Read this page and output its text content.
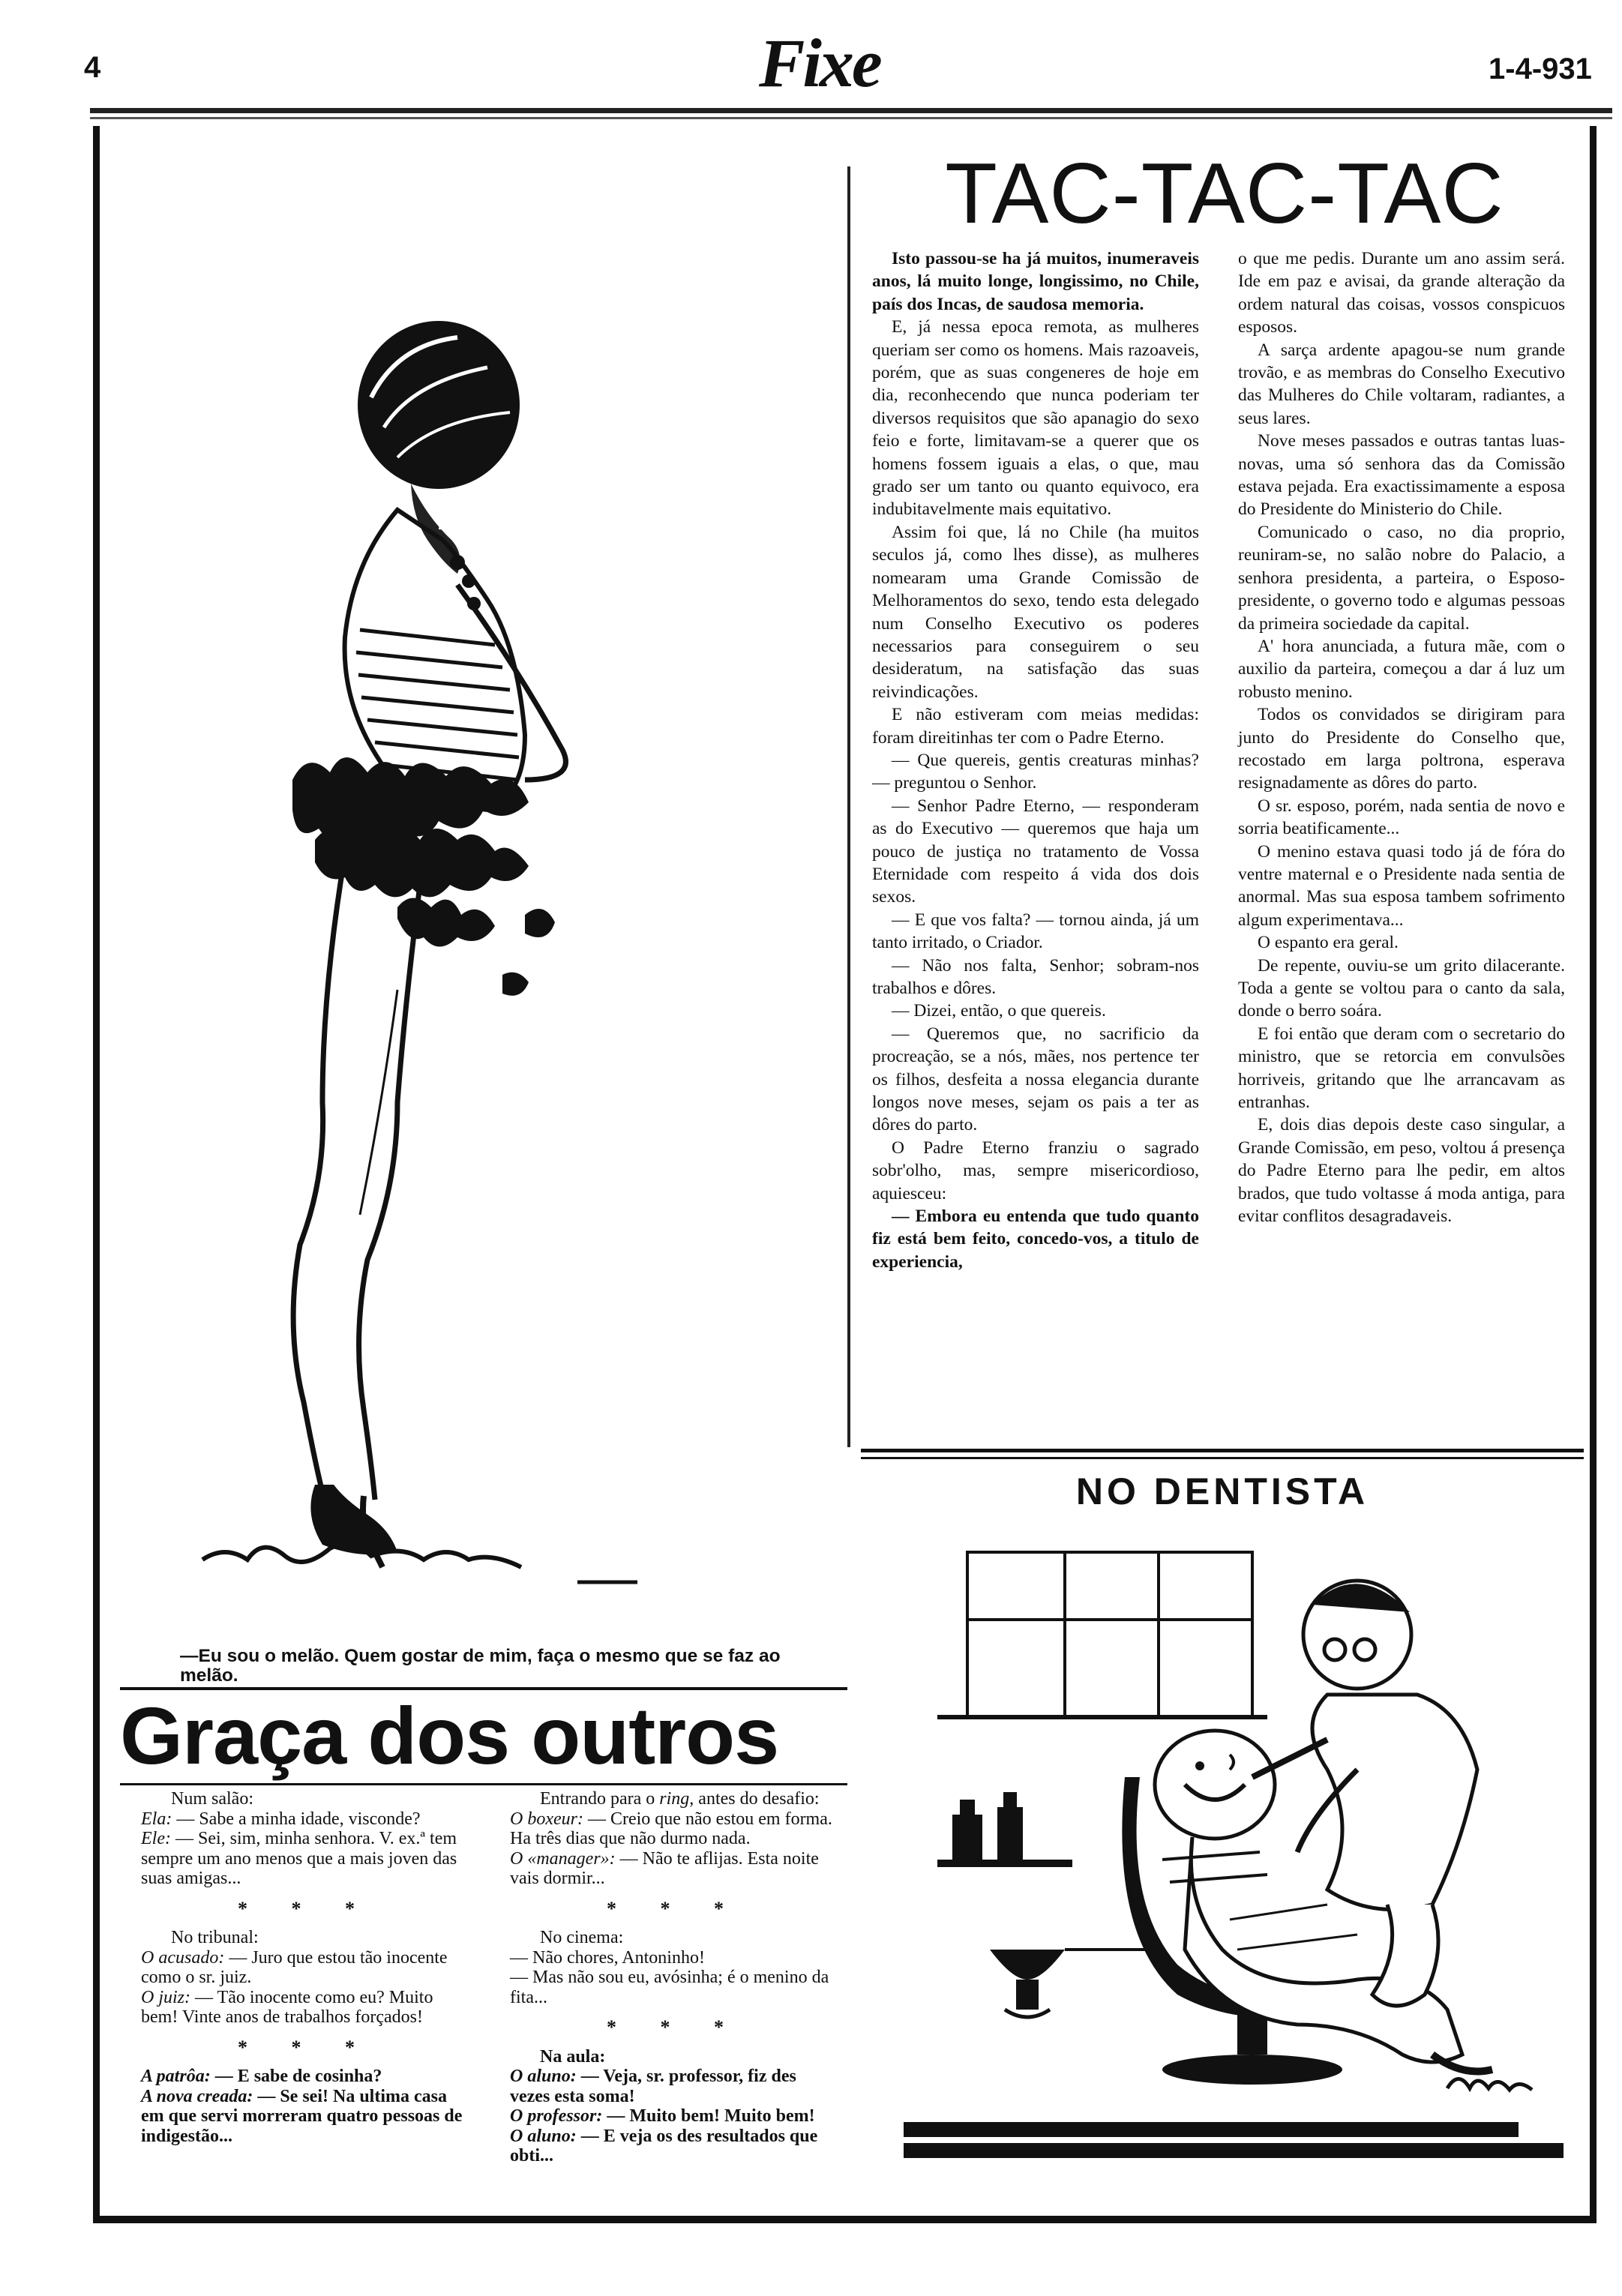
4	Fixe	1-4-931
—Eu sou o melão. Quem gostar de mim, faça o mesmo que se faz ao melão.
TAC-TAC-TAC

Isto passou-se ha já muitos, inumeraveis anos, lá muito longe, longissimo, no Chile, país dos Incas, de saudosa memoria.

E, já nessa epoca remota, as mulheres queriam ser como os homens. Mais razoaveis, porém, que as suas congeneres de hoje em dia, reconhecendo que nunca poderiam ter diversos requisitos que são apanagio do sexo feio e forte, limitavam-se a querer que os homens fossem iguais a elas, o que, mau grado ser um tanto ou quanto equivoco, era indubitavelmente mais equitativo.

Assim foi que, lá no Chile (ha muitos seculos já, como lhes disse), as mulheres nomearam uma Grande Comissão de Melhoramentos do sexo, tendo esta delegado num Conselho Executivo os poderes necessarios para conseguirem o seu desideratum, na satisfação das suas reivindicações.

E não estiveram com meias medidas: foram direitinhas ter com o Padre Eterno.

— Que quereis, gentis creaturas minhas? — preguntou o Senhor.

— Senhor Padre Eterno, — responderam as do Executivo — queremos que haja um pouco de justiça no tratamento de Vossa Eternidade com respeito á vida dos dois sexos.

— E que vos falta? — tornou ainda, já um tanto irritado, o Criador.

— Não nos falta, Senhor; sobram-nos trabalhos e dôres.

— Dizei, então, o que quereis.

— Queremos que, no sacrificio da procreação, se a nós, mães, nos pertence ter os filhos, desfeita a nossa elegancia durante longos nove meses, sejam os pais a ter as dôres do parto.

O Padre Eterno franziu o sagrado sobr'olho, mas, sempre misericordioso, aquiesceu:

— Embora eu entenda que tudo quanto fiz está bem feito, concedo-vos, a titulo de experiencia,

o que me pedis. Durante um ano assim será. Ide em paz e avisai, da grande alteração da ordem natural das coisas, vossos conspicuos esposos.

A sarça ardente apagou-se num grande trovão, e as membras do Conselho Executivo das Mulheres do Chile voltaram, radiantes, a seus lares.

Nove meses passados e outras tantas luas-novas, uma só senhora das da Comissão estava pejada. Era exactissimamente a esposa do Presidente do Ministerio do Chile.

Comunicado o caso, no dia proprio, reuniram-se, no salão nobre do Palacio, a senhora presidenta, a parteira, o Esposo-presidente, o governo todo e algumas pessoas da primeira sociedade da capital.

A' hora anunciada, a futura mãe, com o auxilio da parteira, começou a dar á luz um robusto menino.

Todos os convidados se dirigiram para junto do Presidente do Conselho que, recostado em larga poltrona, esperava resignadamente as dôres do parto.

O sr. esposo, porém, nada sentia de novo e sorria beatificamente...

O menino estava quasi todo já de fóra do ventre maternal e o Presidente nada sentia de anormal. Mas sua esposa tambem sofrimento algum experimentava...

O espanto era geral.

De repente, ouviu-se um grito dilacerante. Toda a gente se voltou para o canto da sala, donde o berro soára.

E foi então que deram com o secretario do ministro, que se retorcia em convulsões horriveis, gritando que lhe arrancavam as entranhas.

E, dois dias depois deste caso singular, a Grande Comissão, em peso, voltou á presença do Padre Eterno para lhe pedir, em altos brados, que tudo voltasse á moda antiga, para evitar conflitos desagradaveis.

NO DENTISTA
Graça dos outros

Num salão:

Ela: — Sabe a minha idade, visconde?

Ele: — Sei, sim, minha senhora. V. ex.ª tem sempre um ano menos que a mais joven das suas amigas...

* * *

No tribunal:

O acusado: — Juro que estou tão inocente como o sr. juiz.

O juiz: — Tão inocente como eu? Muito bem! Vinte anos de trabalhos forçados!

* * *

A patrôa: — E sabe de cosinha?

A nova creada: — Se sei! Na ultima casa em que servi morreram quatro pessoas de indigestão...

Entrando para o ring, antes do desafio:

O boxeur: — Creio que não estou em forma. Ha três dias que não durmo nada.

O «manager»: — Não te aflijas. Esta noite vais dormir...

* * *

No cinema:

— Não chores, Antoninho!

— Mas não sou eu, avósinha; é o menino da fita...

* * *

Na aula:

O aluno: — Veja, sr. professor, fiz des vezes esta soma!

O professor: — Muito bem! Muito bem!

O aluno: — E veja os des resultados que obti...
